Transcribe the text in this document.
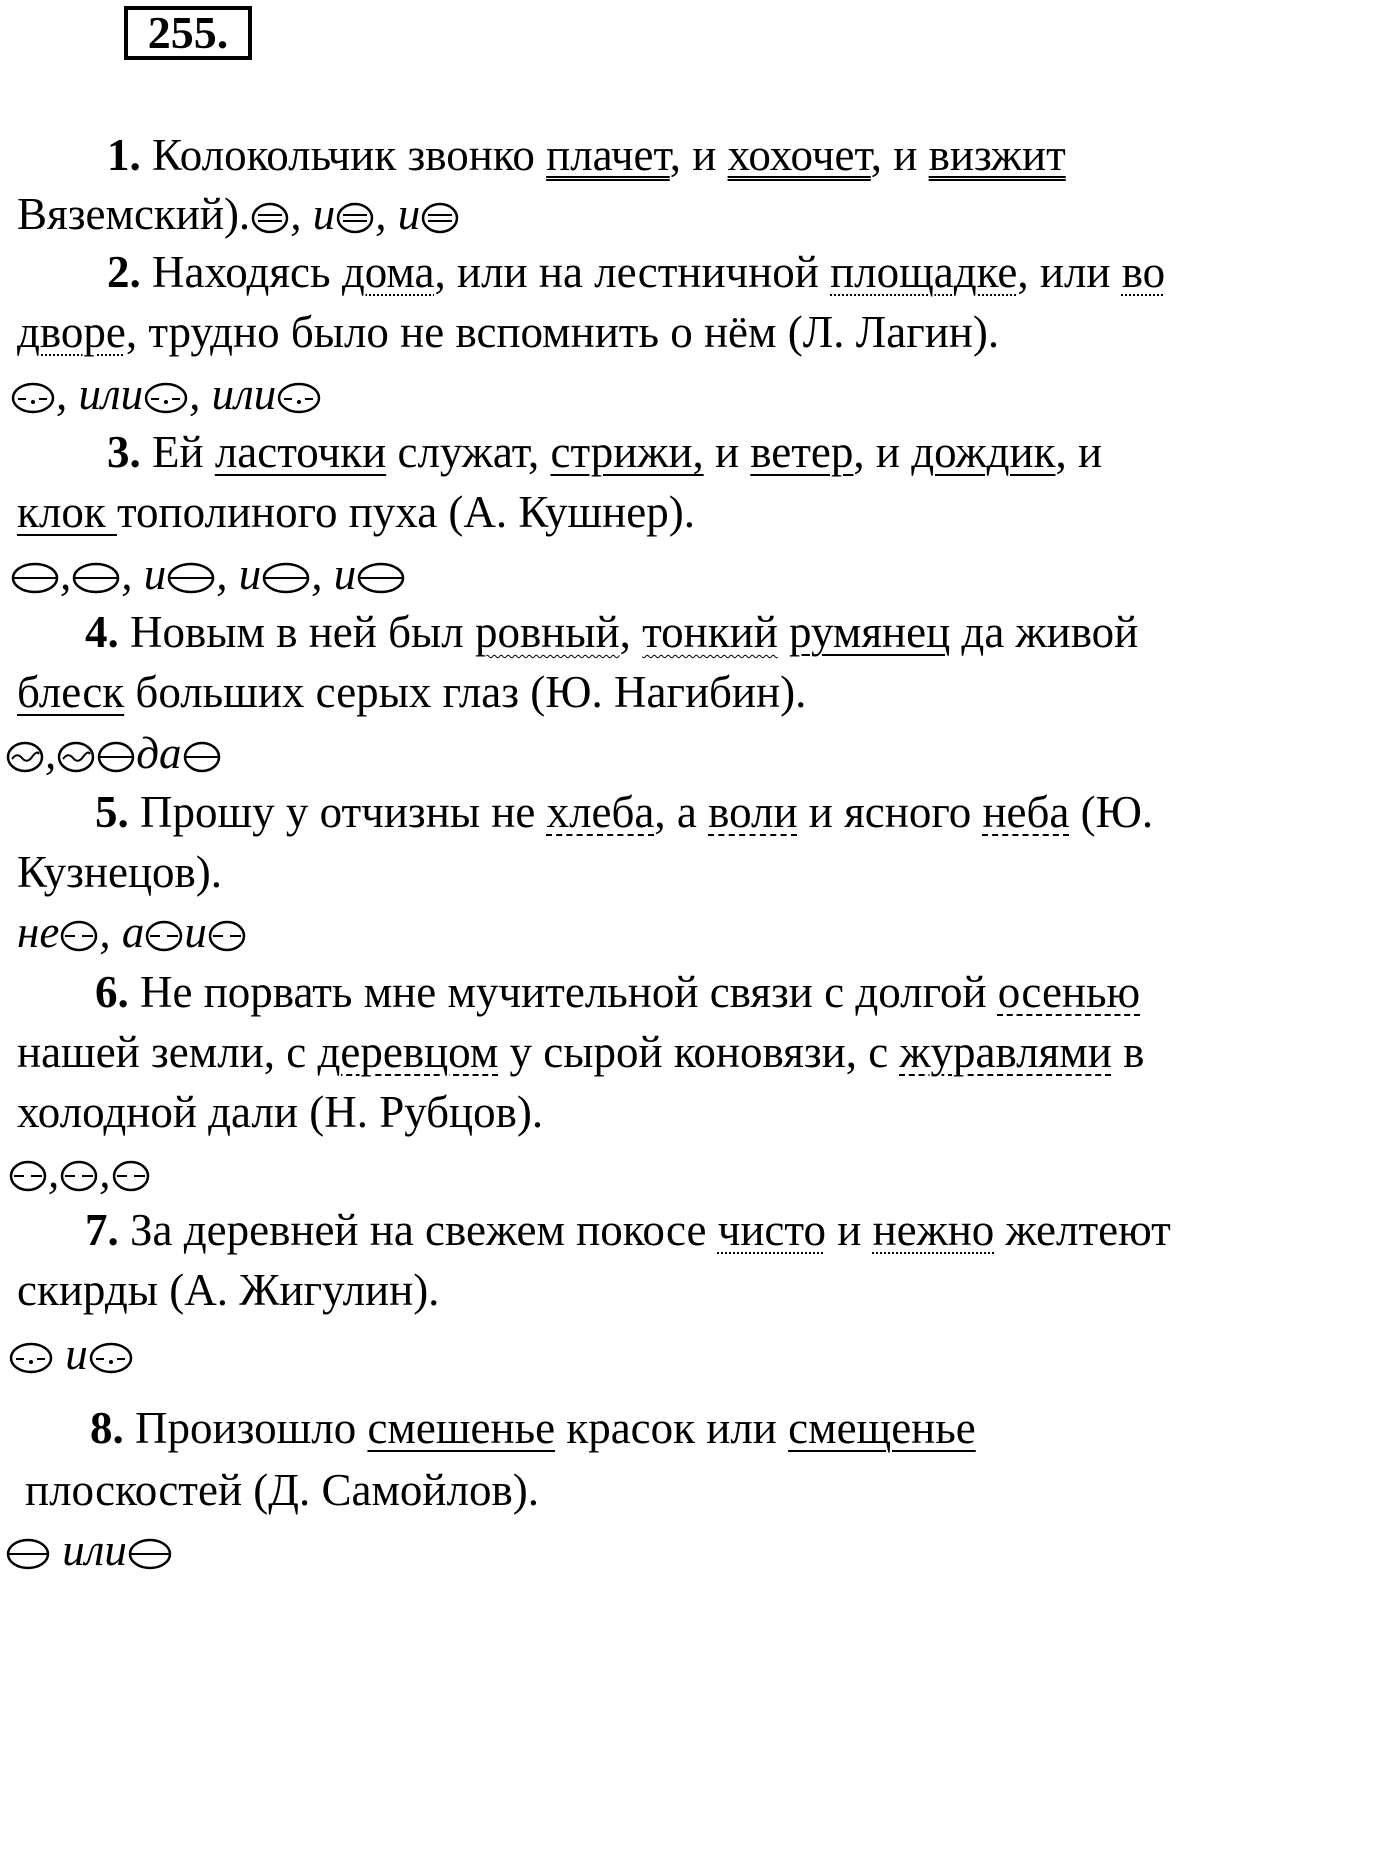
255.
1. Колокольчик звонко плачет, и хохочет, и визжит
Вяземский). , и , и
2. Находясь дома, или на лестничной площадке, или во
дворе, трудно было не вспомнить о нём (Л. Лагин).
, или , или
3. Ей ласточки служат, стрижи, и ветер, и дождик, и
клок тополиного пуха (А. Кушнер).
, , и , и , и
4. Новым в ней был ровный, тонкий румянец да живой
блеск больших серых глаз (Ю. Нагибин).
, да
5. Прошу у отчизны не хлеба, а воли и ясного неба (Ю.
Кузнецов).
не , а и
6. Не порвать мне мучительной связи с долгой осенью
нашей земли, с деревцом у сырой коновязи, с журавлями в
холодной дали (Н. Рубцов).
, ,
7. За деревней на свежем покосе чисто и нежно желтеют
скирды (А. Жигулин).
и
8. Произошло смешенье красок или смещенье
плоскостей (Д. Самойлов).
или
